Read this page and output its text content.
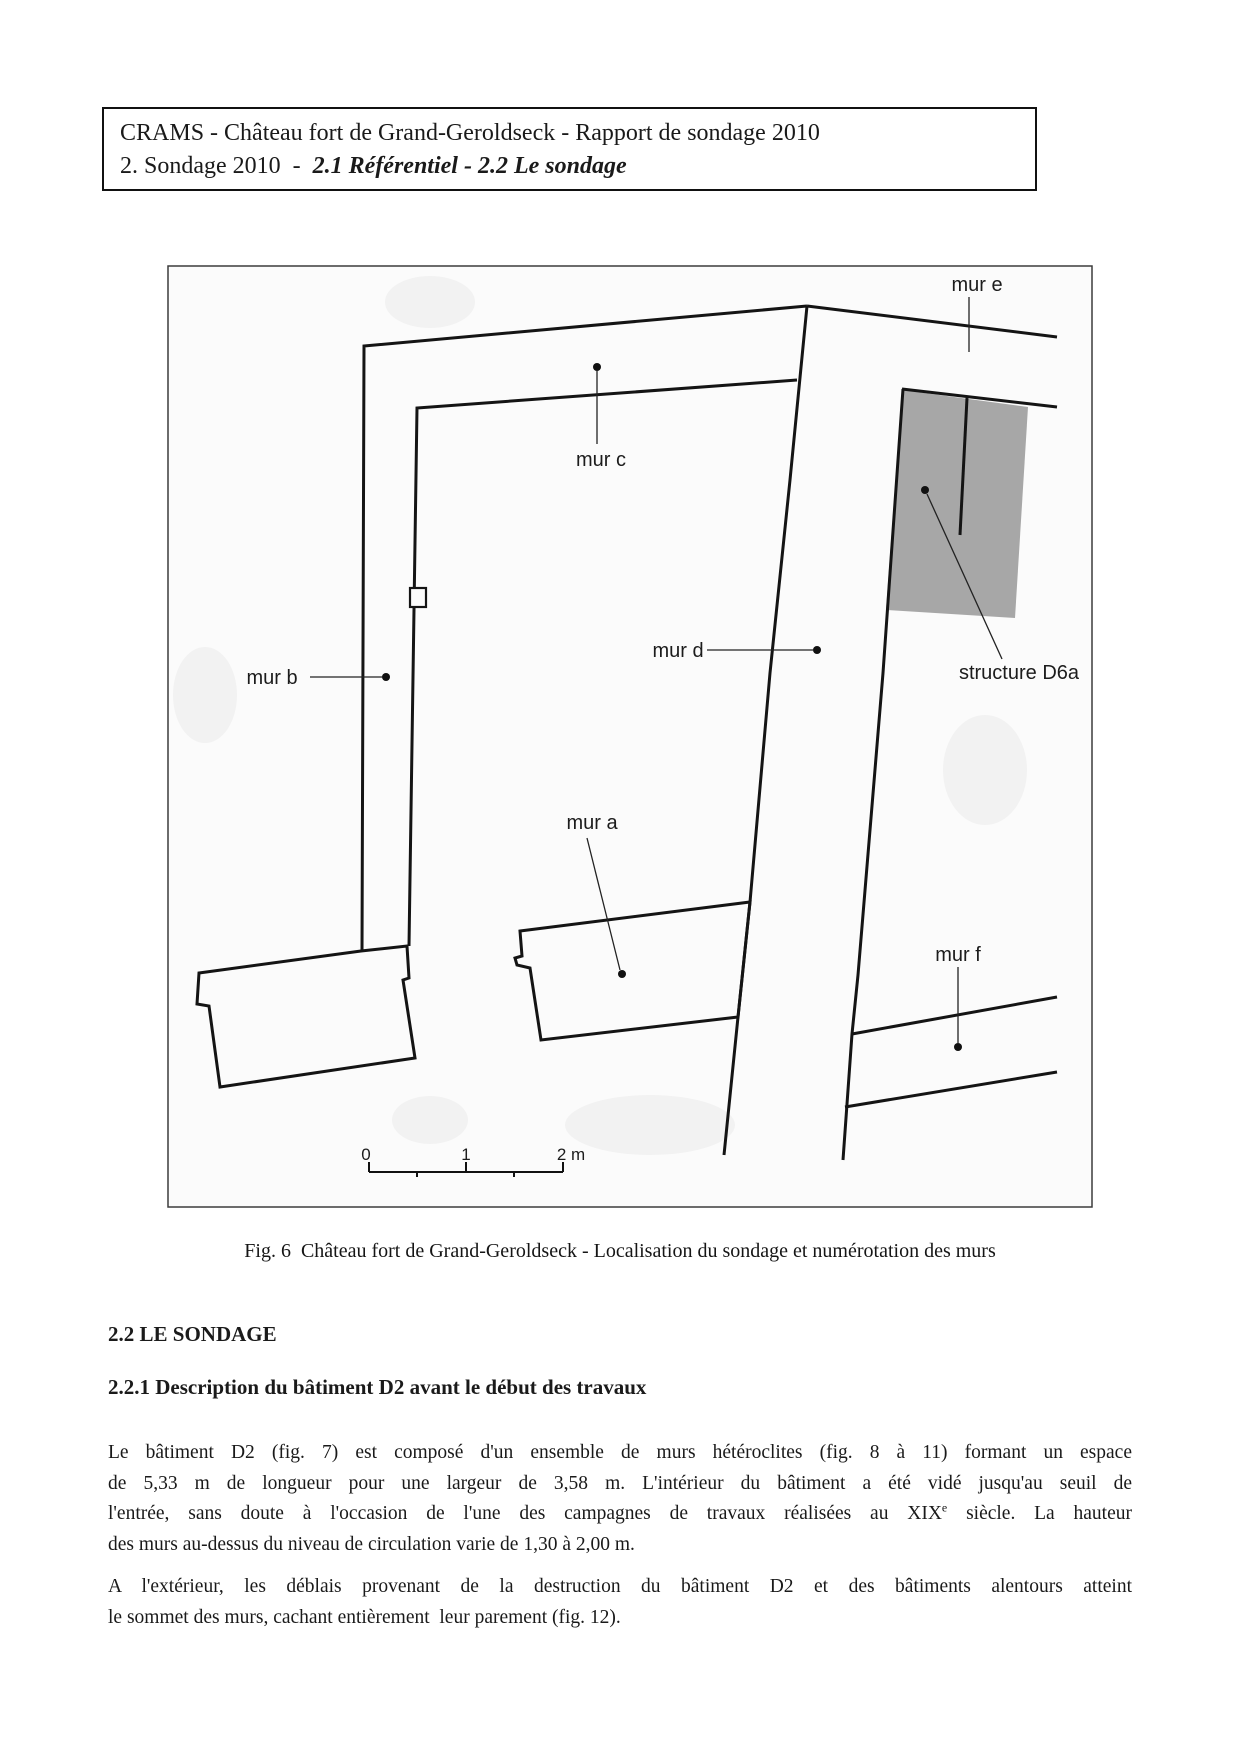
CRAMS - Château fort de Grand-Geroldseck - Rapport de sondage 2010
2. Sondage 2010  -  2.1 Référentiel - 2.2 Le sondage
mur e
mur c
mur d
mur b
mur a
mur f
structure D6a
0	1	2 m
Fig. 6  Château fort de Grand-Geroldseck - Localisation du sondage et numérotation des murs
2.2 LE SONDAGE
2.2.1 Description du bâtiment D2 avant le début des travaux
Le bâtiment D2 (fig. 7) est composé d'un ensemble de murs hétéroclites (fig. 8 à 11) formant un espace
de 5,33 m de longueur pour une largeur de 3,58 m. L'intérieur du bâtiment a été vidé jusqu'au seuil de
l'entrée, sans doute à l'occasion de l'une des campagnes de travaux réalisées au XIXe siècle. La hauteur
des murs au-dessus du niveau de circulation varie de 1,30 à 2,00 m.
A l'extérieur, les déblais provenant de la destruction du bâtiment D2 et des bâtiments alentours atteint
le sommet des murs, cachant entièrement  leur parement (fig. 12).
